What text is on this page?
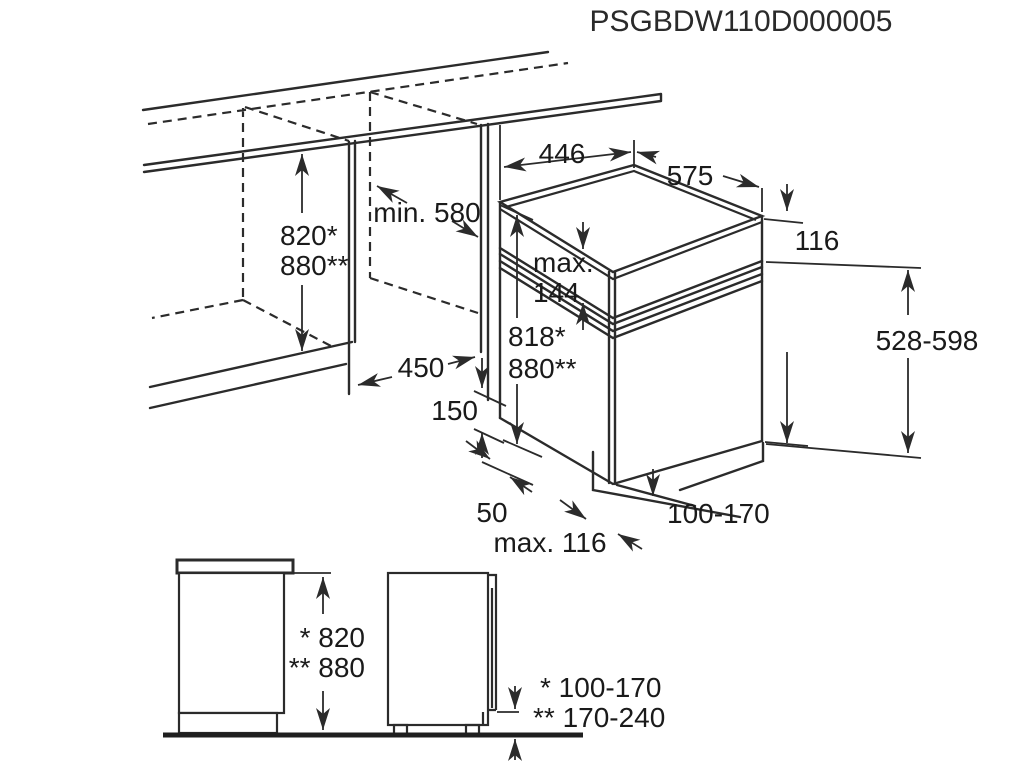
PSGBDW110D000005
820*
880**
min. 580
446
575
116
528-598
max.
144
818*
880**
450
150
50
max. 116
100-170
* 820
** 880
* 100-170
** 170-240
